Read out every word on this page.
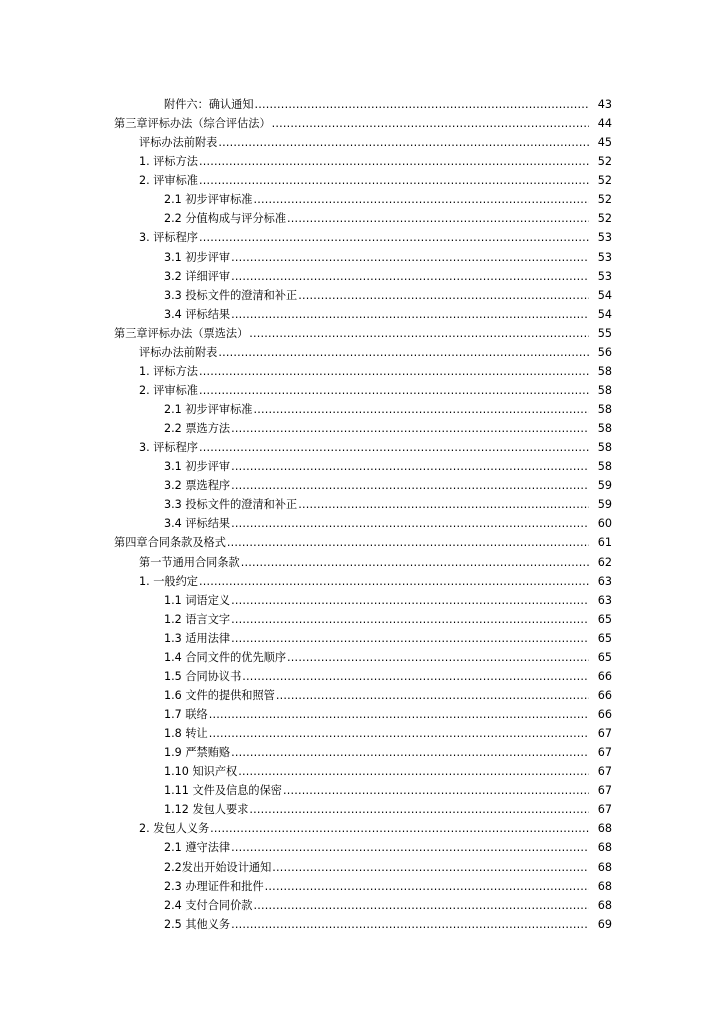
附件六：确认通知 .....	43
第三章评标办法（综合评估法） .....	44
评标办法前附表 .....	45
1. 评标方法 .....	52
2. 评审标准 .....	52
2.1 初步评审标准 .....	52
2.2 分值构成与评分标准 .....	52
3. 评标程序 .....	53
3.1 初步评审 .....	53
3.2 详细评审 .....	53
3.3 投标文件的澄清和补正 .....	54
3.4 评标结果 .....	54
第三章评标办法（票选法） .....	55
评标办法前附表 .....	56
1. 评标方法 .....	58
2. 评审标准 .....	58
2.1 初步评审标准 .....	58
2.2 票选方法 .....	58
3. 评标程序 .....	58
3.1 初步评审 .....	58
3.2 票选程序 .....	59
3.3 投标文件的澄清和补正 .....	59
3.4 评标结果 .....	60
第四章合同条款及格式 .....	61
第一节通用合同条款 .....	62
1. 一般约定 .....	63
1.1 词语定义 .....	63
1.2 语言文字 .....	65
1.3 适用法律 .....	65
1.4 合同文件的优先顺序 .....	65
1.5 合同协议书 .....	66
1.6 文件的提供和照管 .....	66
1.7 联络 .....	66
1.8 转让 .....	67
1.9 严禁贿赂 .....	67
1.10 知识产权 .....	67
1.11 文件及信息的保密 .....	67
1.12 发包人要求 .....	67
2. 发包人义务 .....	68
2.1 遵守法律 .....	68
2.2发出开始设计通知 .....	68
2.3 办理证件和批件 .....	68
2.4 支付合同价款 .....	68
2.5 其他义务 .....	69
